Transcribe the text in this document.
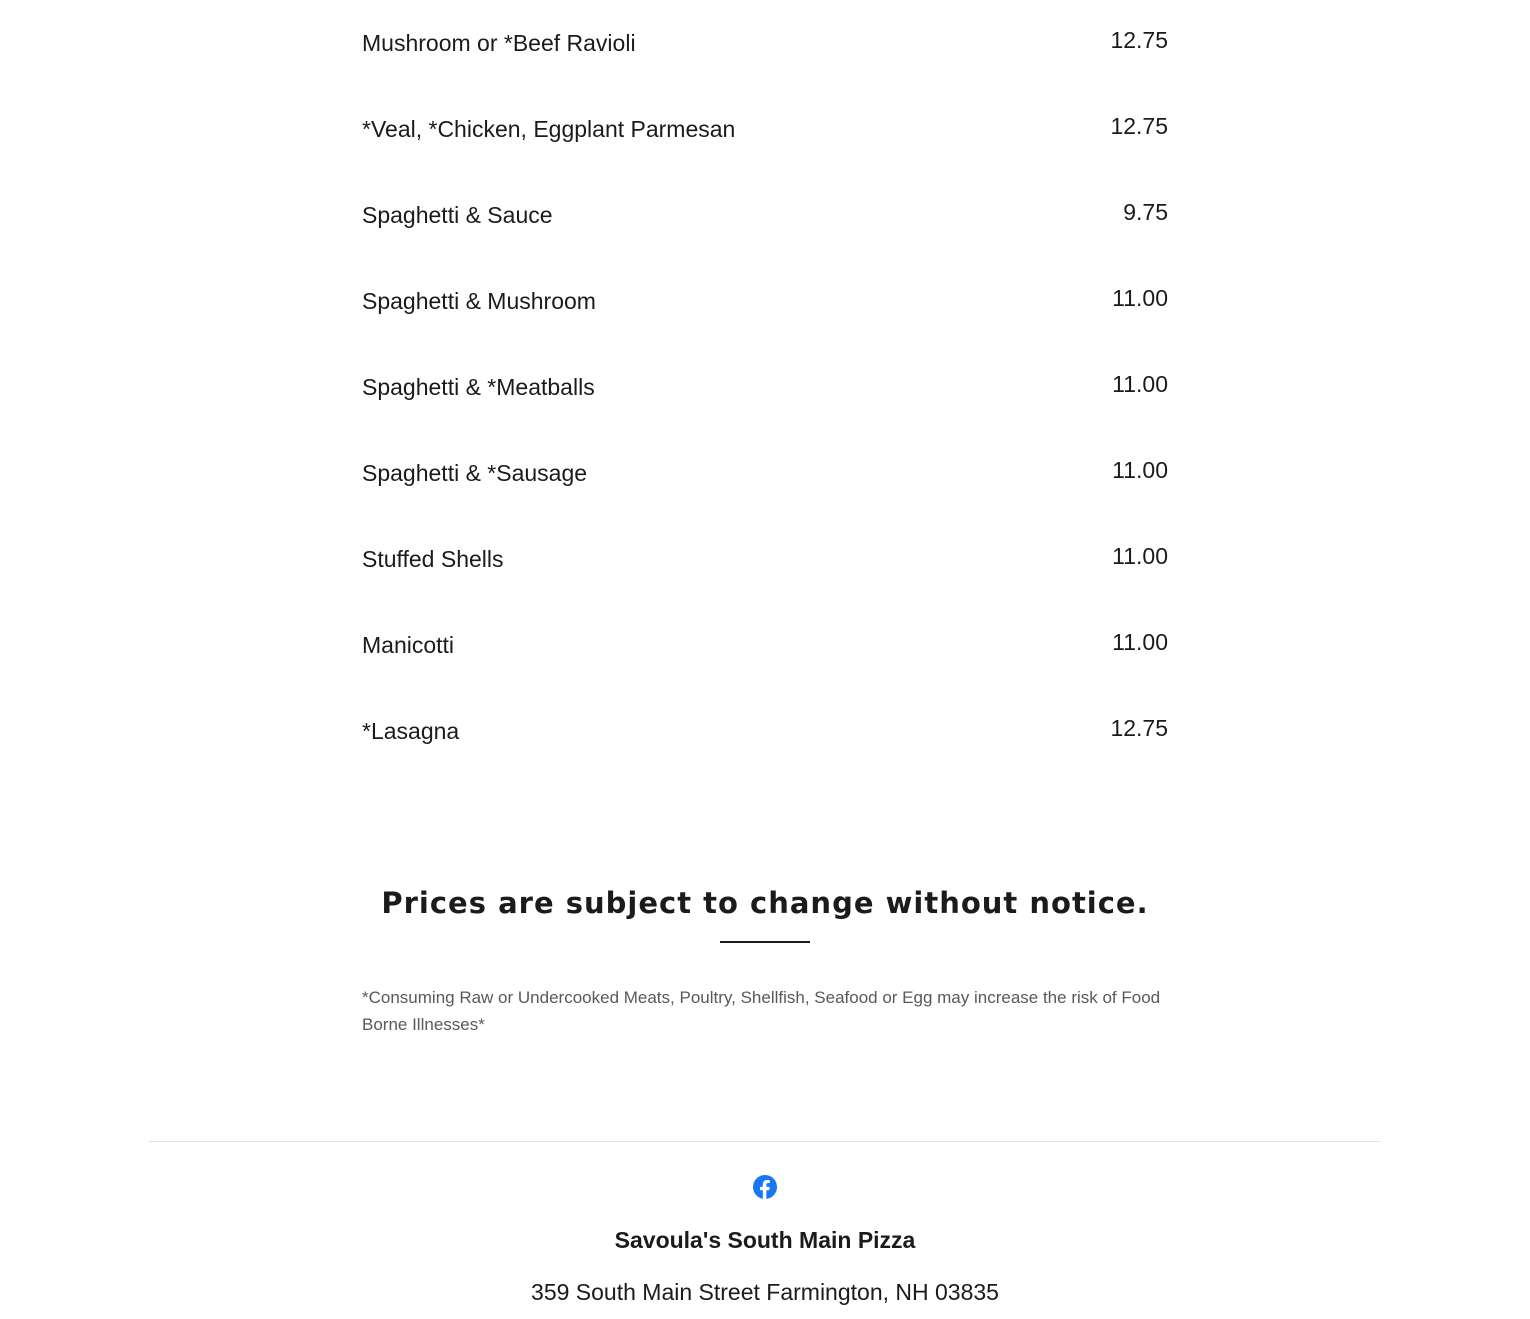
Mushroom or *Beef Ravioli	12.75
*Veal, *Chicken, Eggplant Parmesan	12.75
Spaghetti & Sauce	9.75
Spaghetti & Mushroom	11.00
Spaghetti & *Meatballs	11.00
Spaghetti & *Sausage	11.00
Stuffed Shells	11.00
Manicotti	11.00
*Lasagna	12.75
Prices are subject to change without notice.

*Consuming Raw or Undercooked Meats, Poultry, Shellfish, Seafood or Egg may increase the risk of Food Borne Illnesses*

Savoula's South Main Pizza
359 South Main Street Farmington, NH 03835
